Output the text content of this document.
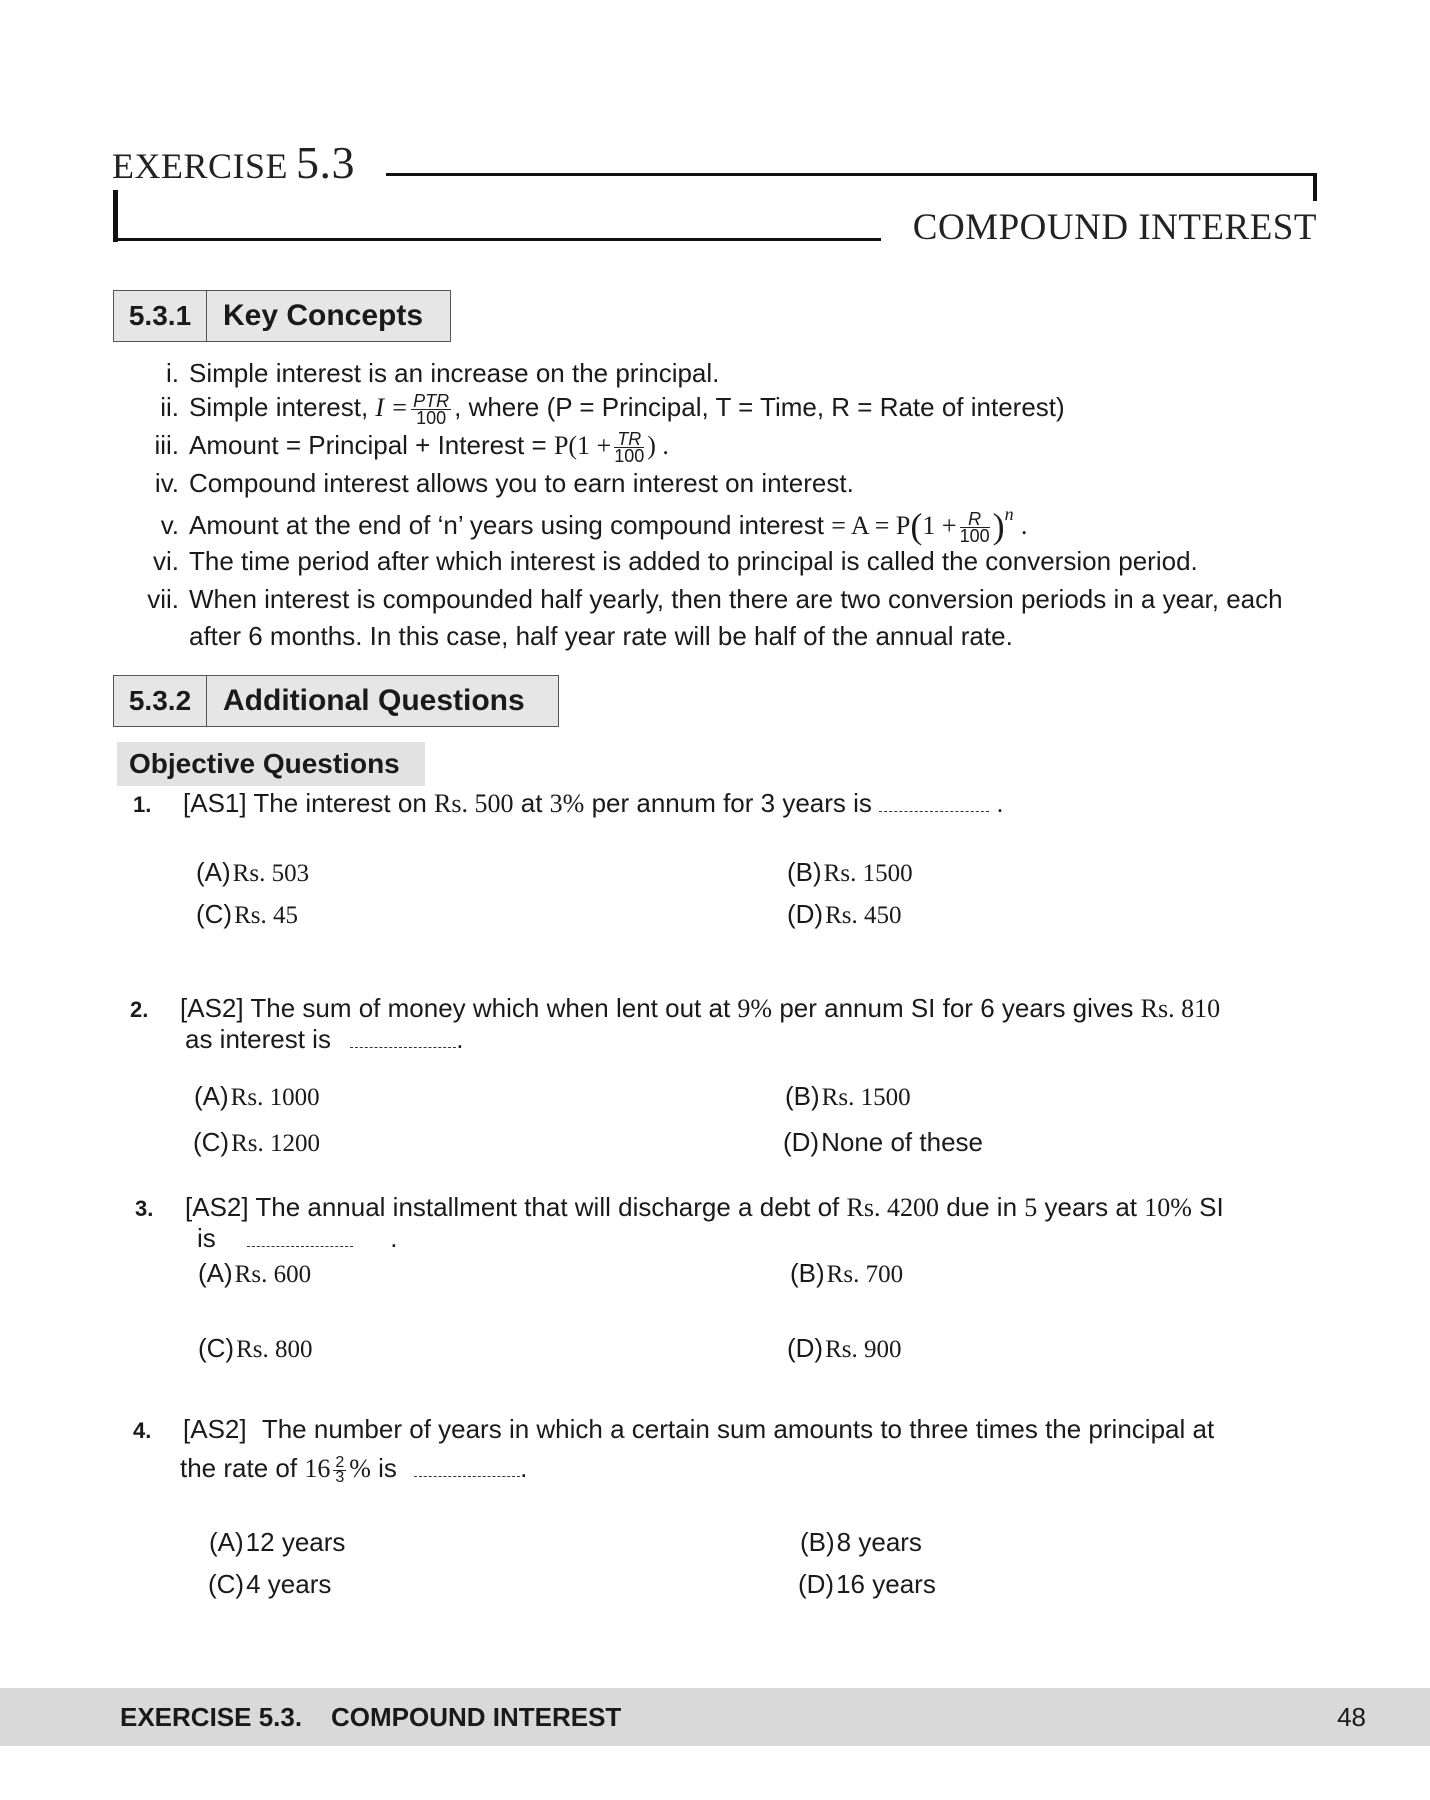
EXERCISE 5.3
COMPOUND INTEREST
5.3.1	Key Concepts
i. Simple interest is an increase on the principal.
ii. Simple interest, $I = \frac{\text{PTR}}{100}$ , where (P = Principal, T = Time, R = Rate of interest)
iii. Amount = Principal + Interest = $P(1 + \frac{TR}{100}$ ) .
iv. Compound interest allows you to earn interest on interest.
v. Amount at the end of ‘n’ years using compound interest = $A = P(1 + \frac{R}{100} )^n$ .
vi. The time period after which interest is added to principal is called the conversion period.
vii. When interest is compounded half yearly, then there are two conversion periods in a year, each
after 6 months. In this case, half year rate will be half of the annual rate.
5.3.2	Additional Questions
Objective Questions
1. [AS1] The interest on Rs. 500 at 3% per annum for 3 years is	.
(A)Rs. 503	(B)Rs. 1500
(C)Rs. 45	(D)Rs. 450
2. [AS2] The sum of money which when lent out at 9% per annum SI for 6 years gives Rs. 810
as interest is	.
(A)Rs. 1000	(B)Rs. 1500
(C)Rs. 1200	(D)None of these
3. [AS2] The annual installment that will discharge a debt of Rs. 4200 due in 5 years at 10% SI
is	.
(A)Rs. 600	(B)Rs. 700
(C)Rs. 800	(D)Rs. 900
4. [AS2] The number of years in which a certain sum amounts to three times the principal at
the rate of $16 \frac{2}{3}$ % is	.
(A)12 years	(B)8 years
(C)4 years	(D)16 years
EXERCISE 5.3.    COMPOUND INTEREST	48
